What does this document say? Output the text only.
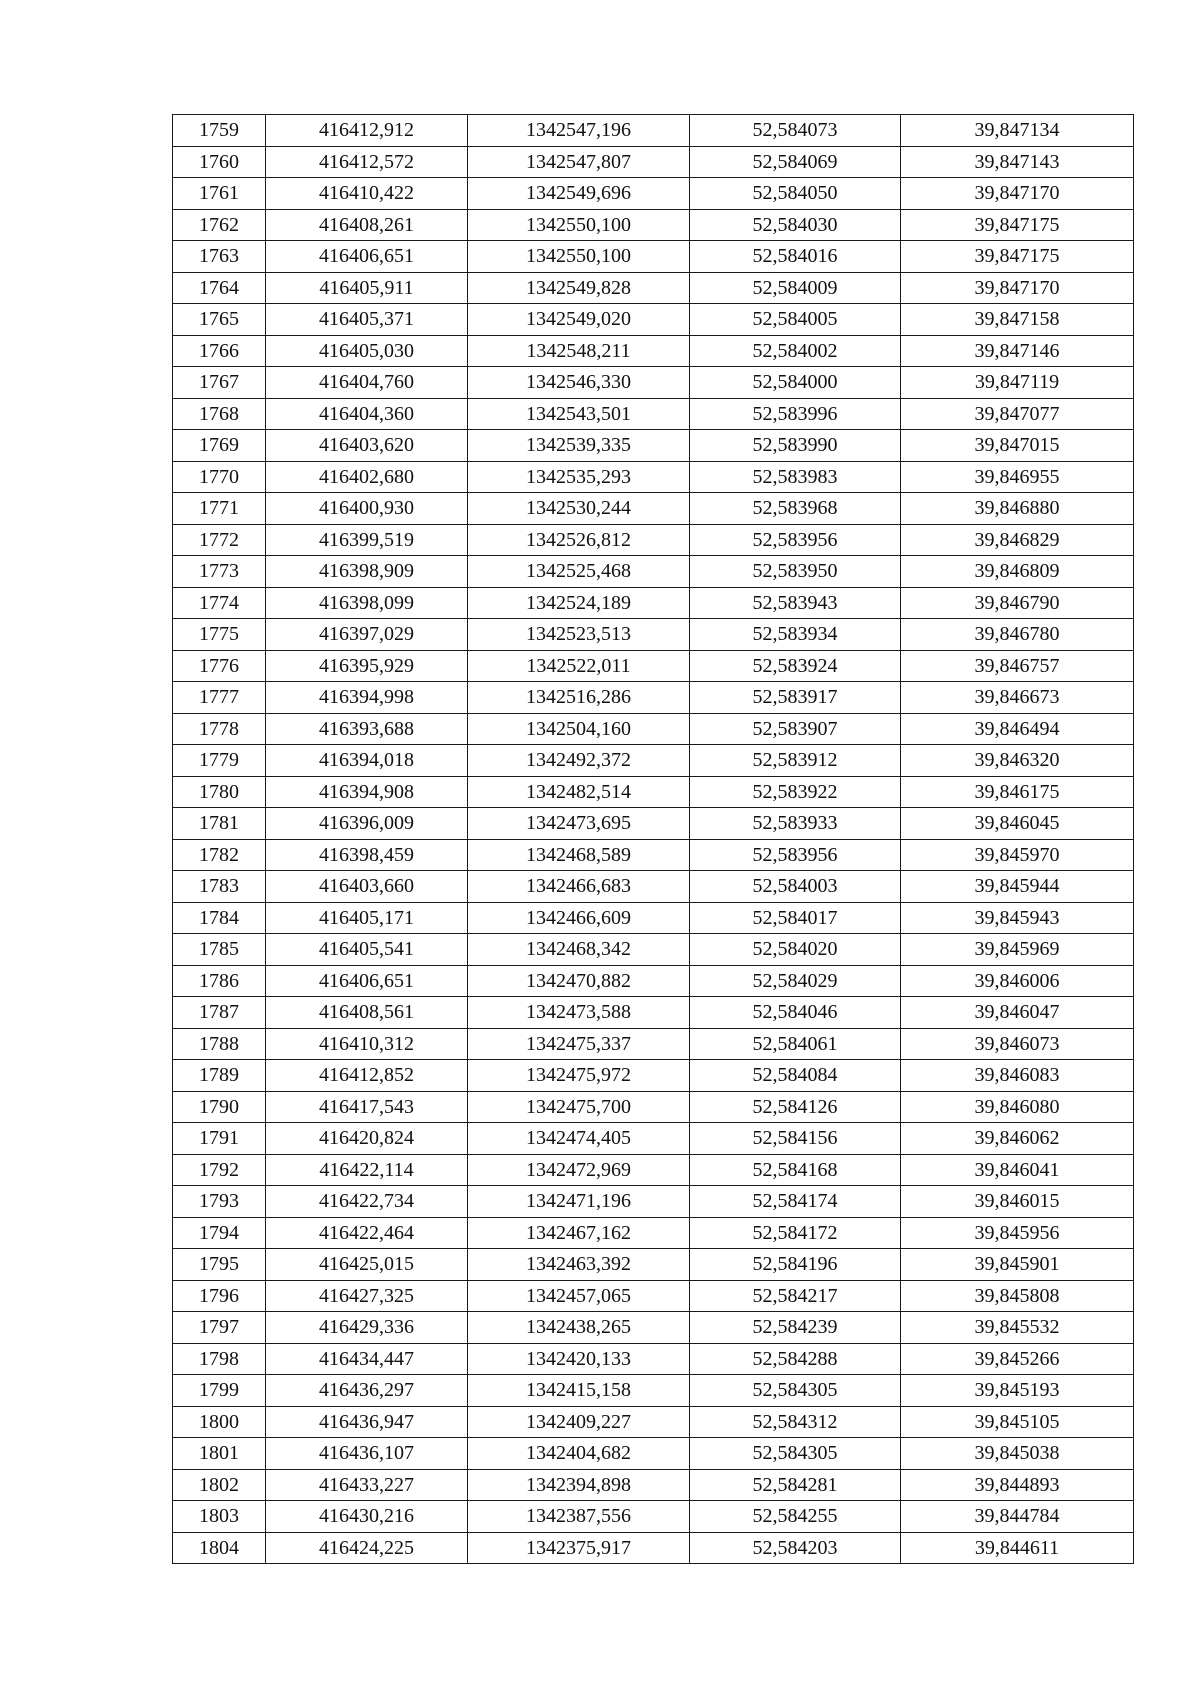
1759	416412,912	1342547,196	52,584073	39,847134
1760	416412,572	1342547,807	52,584069	39,847143
1761	416410,422	1342549,696	52,584050	39,847170
1762	416408,261	1342550,100	52,584030	39,847175
1763	416406,651	1342550,100	52,584016	39,847175
1764	416405,911	1342549,828	52,584009	39,847170
1765	416405,371	1342549,020	52,584005	39,847158
1766	416405,030	1342548,211	52,584002	39,847146
1767	416404,760	1342546,330	52,584000	39,847119
1768	416404,360	1342543,501	52,583996	39,847077
1769	416403,620	1342539,335	52,583990	39,847015
1770	416402,680	1342535,293	52,583983	39,846955
1771	416400,930	1342530,244	52,583968	39,846880
1772	416399,519	1342526,812	52,583956	39,846829
1773	416398,909	1342525,468	52,583950	39,846809
1774	416398,099	1342524,189	52,583943	39,846790
1775	416397,029	1342523,513	52,583934	39,846780
1776	416395,929	1342522,011	52,583924	39,846757
1777	416394,998	1342516,286	52,583917	39,846673
1778	416393,688	1342504,160	52,583907	39,846494
1779	416394,018	1342492,372	52,583912	39,846320
1780	416394,908	1342482,514	52,583922	39,846175
1781	416396,009	1342473,695	52,583933	39,846045
1782	416398,459	1342468,589	52,583956	39,845970
1783	416403,660	1342466,683	52,584003	39,845944
1784	416405,171	1342466,609	52,584017	39,845943
1785	416405,541	1342468,342	52,584020	39,845969
1786	416406,651	1342470,882	52,584029	39,846006
1787	416408,561	1342473,588	52,584046	39,846047
1788	416410,312	1342475,337	52,584061	39,846073
1789	416412,852	1342475,972	52,584084	39,846083
1790	416417,543	1342475,700	52,584126	39,846080
1791	416420,824	1342474,405	52,584156	39,846062
1792	416422,114	1342472,969	52,584168	39,846041
1793	416422,734	1342471,196	52,584174	39,846015
1794	416422,464	1342467,162	52,584172	39,845956
1795	416425,015	1342463,392	52,584196	39,845901
1796	416427,325	1342457,065	52,584217	39,845808
1797	416429,336	1342438,265	52,584239	39,845532
1798	416434,447	1342420,133	52,584288	39,845266
1799	416436,297	1342415,158	52,584305	39,845193
1800	416436,947	1342409,227	52,584312	39,845105
1801	416436,107	1342404,682	52,584305	39,845038
1802	416433,227	1342394,898	52,584281	39,844893
1803	416430,216	1342387,556	52,584255	39,844784
1804	416424,225	1342375,917	52,584203	39,844611
